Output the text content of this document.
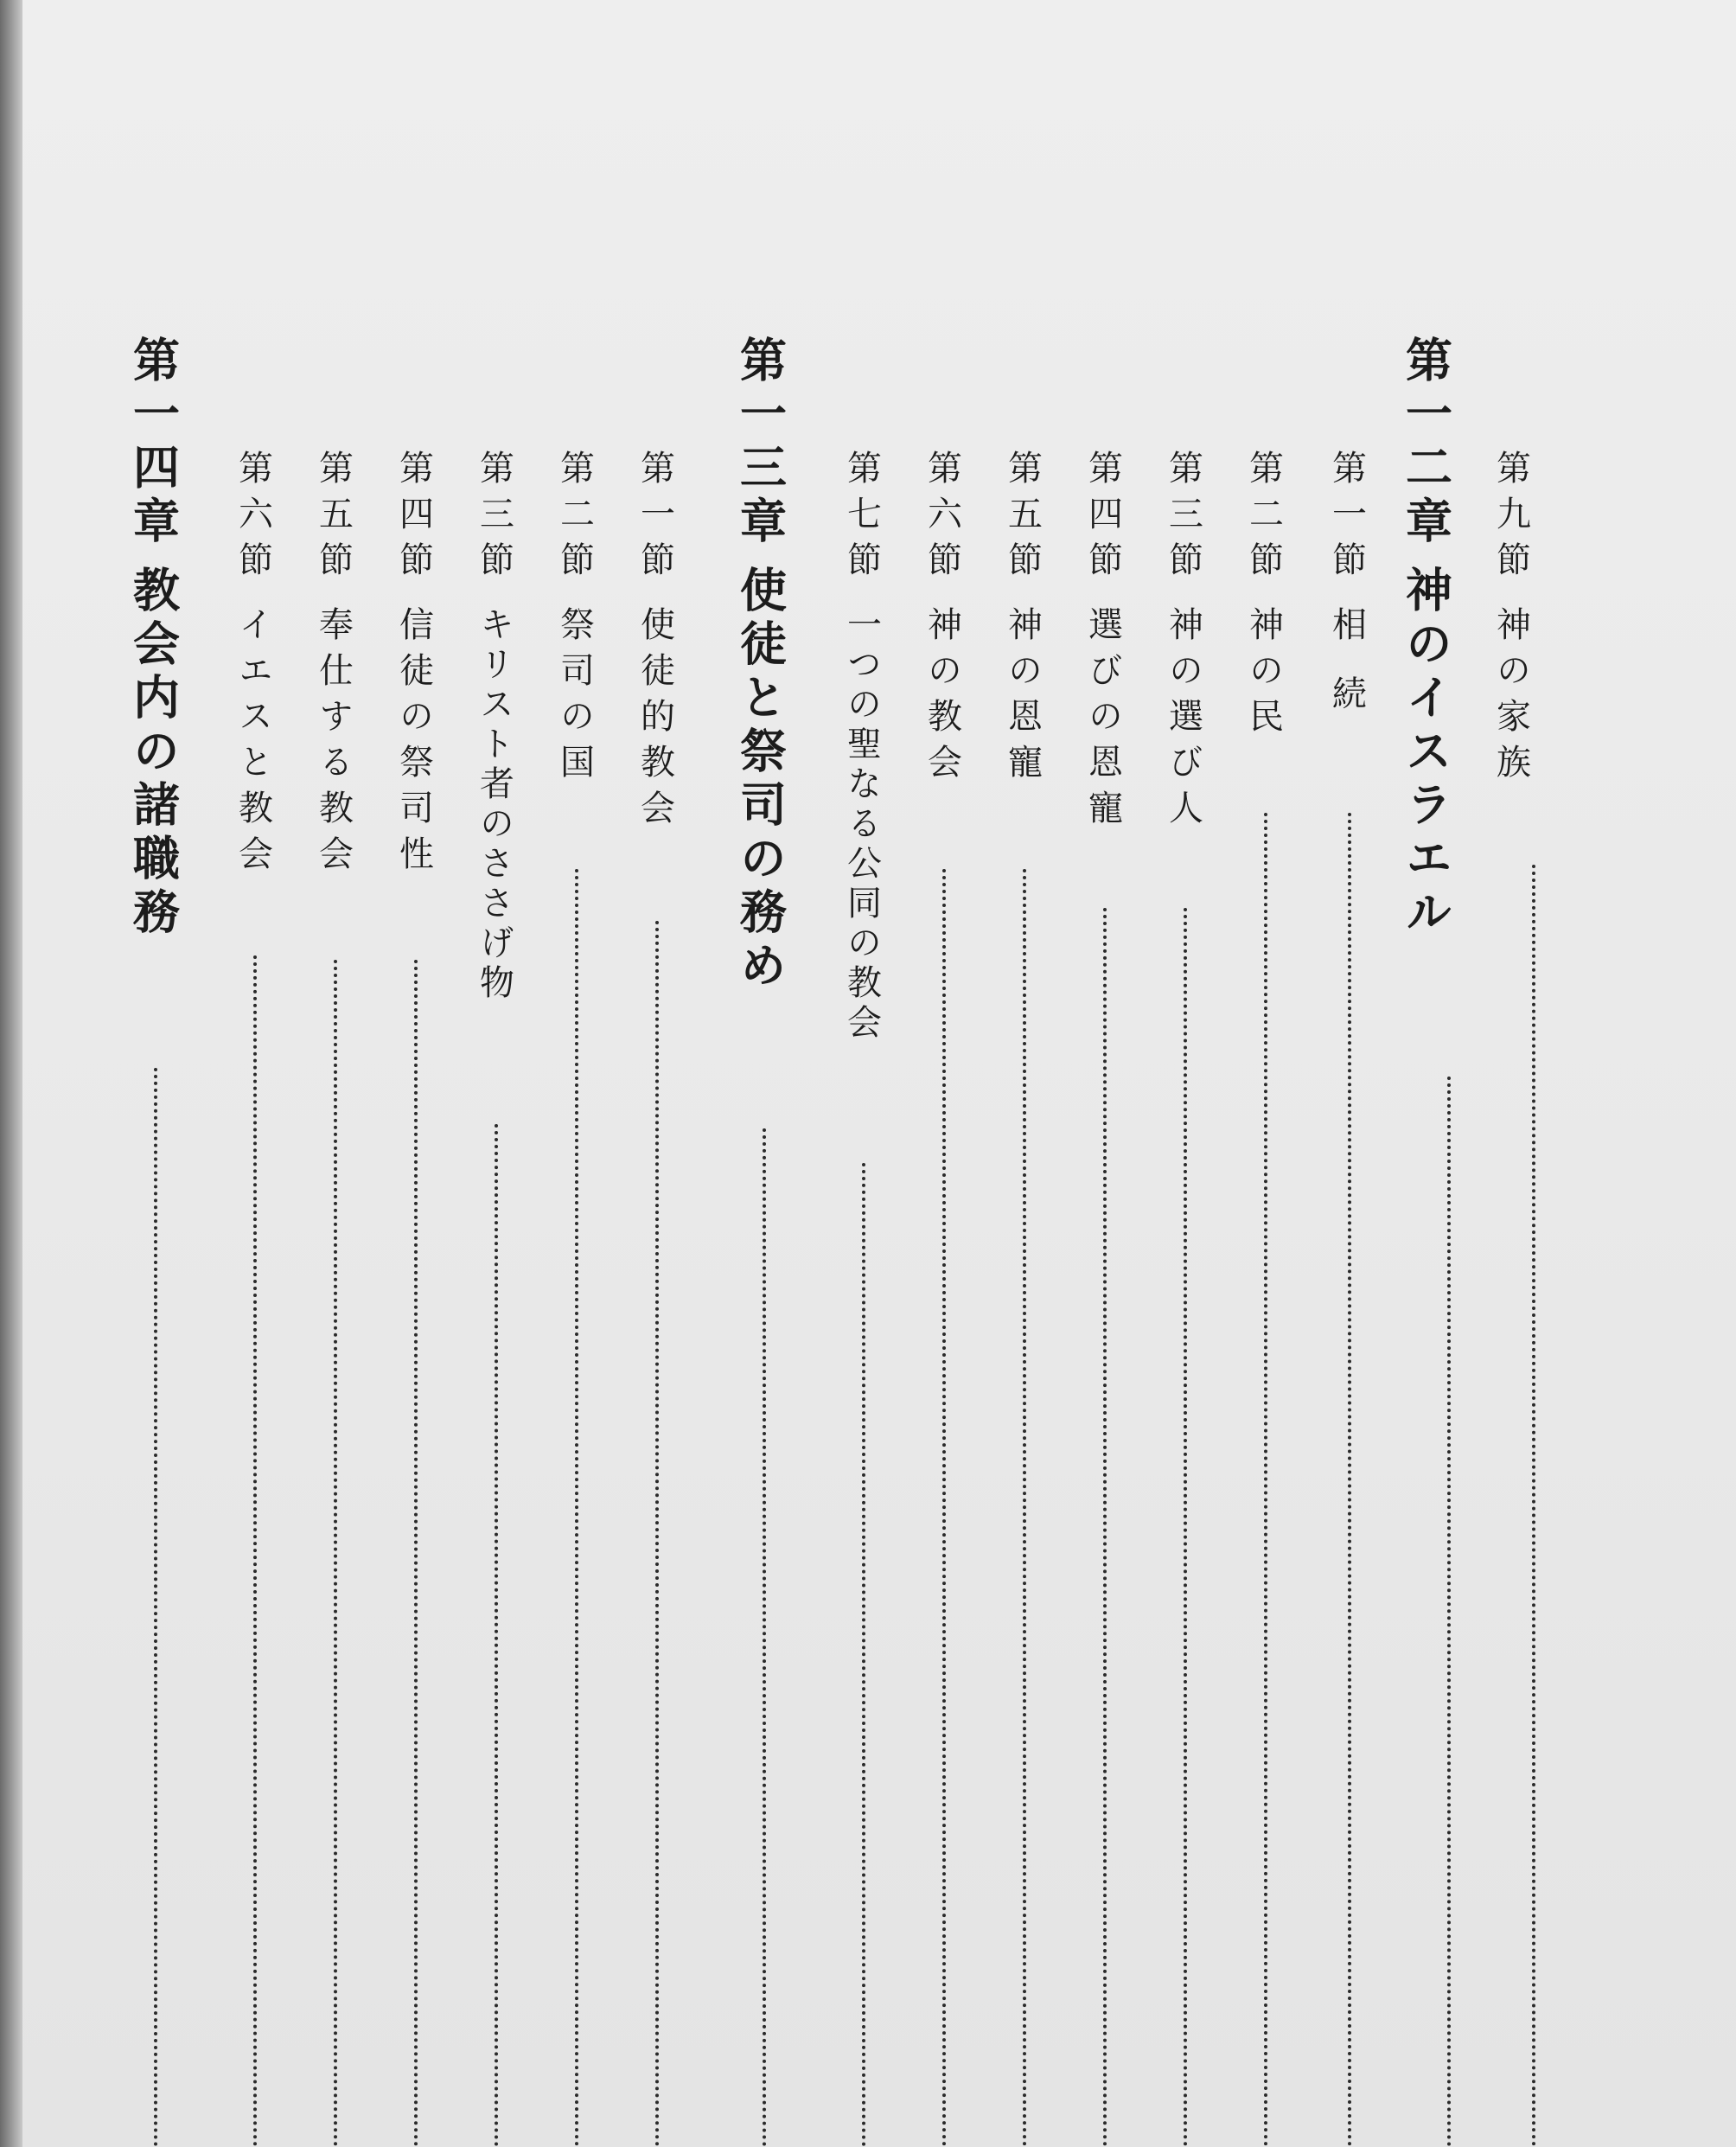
第九節神の家族
第一二章神のイスラエル
第一節相続
第二節神の民
第三節神の選び人
第四節選びの恩寵
第五節神の恩寵
第六節神の教会
第七節一つの聖なる公同の教会
第一三章使徒と祭司の務め
第一節使徒的教会
第二節祭司の国
第三節キリスト者のささげ物
第四節信徒の祭司性
第五節奉仕する教会
第六節イエスと教会
第一四章教会内の諸職務
